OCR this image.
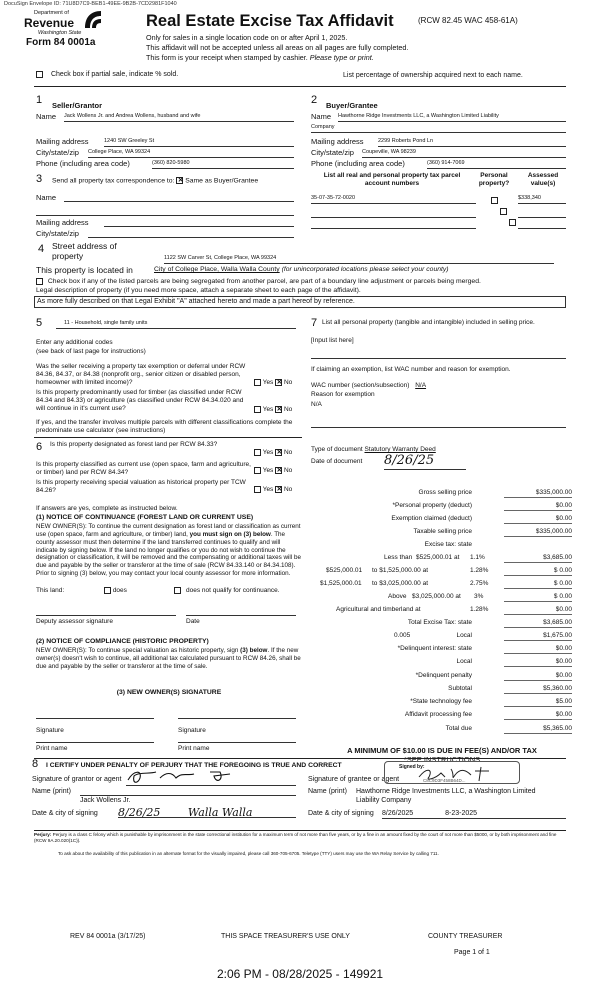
DocuSign Envelope ID: 71U8D7C9-BEB1-49EE-9B2B-7CD2981F1040
Department of
Revenue
Washington State
Form 84 0001a
Real Estate Excise Tax Affidavit	(RCW 82.45 WAC 458-61A)
Only for sales in a single location code on or after April 1, 2025.
This affidavit will not be accepted unless all areas on all pages are fully completed.
This form is your receipt when stamped by cashier. Please type or print.
Check box if partial sale, indicate % sold.	List percentage of ownership acquired next to each name.
1 Seller/Grantor
Name Jack Wollens Jr. and Andrea Wollens, husband and wife
Mailing address	1240 SW Greeley St
City/state/zip College Place, WA 99324
Phone (including area code)	(360) 820-5980
2 Buyer/Grantee
Name Hawthorne Ridge Investments LLC, a Washington Limited Liability
Company
Mailing address	2299 Roberts Pond Ln
City/state/zip Coupeville, WA 98239
Phone (including area code)	(360) 914-7069
3 Send all property tax correspondence to: ✕ Same as Buyer/Grantee
Name
Mailing address
City/state/zip
List all real and personal property tax parcel account numbers
Personal property?
Assessed value(s)
35-07-35-72-0020	$338,340

4 Street address of property	1122 SW Carver St, College Place, WA 99324
This property is located in	City of College Place, Walla Walla County (for unincorporated locations please select your county)
Check box if any of the listed parcels are being segregated from another parcel, are part of a boundary line adjustment or parcels being merged.
Legal description of property (if you need more space, attach a separate sheet to each page of the affidavit).
As more fully described on that Legal Exhibit "A" attached hereto and made a part hereof by reference.
5	11 - Household, single family units
Enter any additional codes
(see back of last page for instructions)
Was the seller receiving a property tax exemption or deferral under RCW 84.36, 84.37, or 84.38 (nonprofit org., senior citizen or disabled person, homeowner with limited income)?	Yes ✕ No
Is this property predominantly used for timber (as classified under RCW 84.34 and 84.33) or agriculture (as classified under RCW 84.34.020 and will continue in it's current use?	Yes ✕ No
If yes, and the transfer involves multiple parcels with different classifications complete the predominate use calculator (see instructions)
6 Is this property designated as forest land per RCW 84.33?
Yes ✕ No
Is this property classified as current use (open space, farm and agriculture, or timber) land per RCW 84.34?	Yes ✕ No
Is this property receiving special valuation as historical property per TCW 84.26?	Yes ✕ No
If answers are yes, complete as instructed below.
(1) NOTICE OF CONTINUANCE (FOREST LAND OR CURRENT USE)
NEW OWNER(S): To continue the current designation as forest land or classification as current use (open space, farm and agriculture, or timber) land, you must sign on (3) below. The county assessor must then determine if the land transferred continues to qualify and will indicate by signing below. If the land no longer qualifies or you do not wish to continue the designation or classification, it will be removed and the compensating or additional taxes will be due and payable by the seller or transferor at the time of sale (RCW 84.33.140 or 84.34.108). Prior to signing (3) below, you may contact your local county assessor for more information.
This land:	does	does not qualify for continuance.
Deputy assessor signature	Date
(2) NOTICE OF COMPLIANCE (HISTORIC PROPERTY)
NEW OWNER(S): To continue special valuation as historic property, sign (3) below. If the new owner(s) doesn't wish to continue, all additional tax calculated pursuant to RCW 84.26, shall be due and payable by the seller or transferor at the time of sale.
(3) NEW OWNER(S) SIGNATURE
Signature	Signature
Print name	Print name
7 List all personal property (tangible and intangible) included in selling price.
[Input list here]
If claiming an exemption, list WAC number and reason for exemption.
WAC number (section/subsection) N/A
Reason for exemption
N/A
Type of document Statutory Warranty Deed
Date of document 8/26/25
Gross selling price	$335,000.00
*Personal property (deduct)	$0.00
Exemption claimed (deduct)	$0.00
Taxable selling price	$335,000.00
Excise tax: state
Less than $525,000.01 at 1.1%	$3,685.00
$525,000.01 to $1,525,000.00 at	1.28%	$ 0.00
$1,525,000.01 to $3,025,000.00 at	2.75%	$ 0.00
Above $3,025,000.00 at 3%	$ 0.00
Agricultural and timberland at	1.28%	$0.00
Total Excise Tax: state	$3,685.00
0.005	Local	$1,675.00
*Delinquent interest: state	$0.00
Local	$0.00
*Delinquent penalty	$0.00
Subtotal	$5,360.00
*State technology fee	$5.00
Affidavit processing fee	$0.00
Total due	$5,365.00
A MINIMUM OF $10.00 IS DUE IN FEE(S) AND/OR TAX
*SEE INSTRUCTIONS
8 I CERTIFY UNDER PENALTY OF PERJURY THAT THE FOREGOING IS TRUE AND CORRECT
Signature of grantor or agent
Name (print)
Jack Wollens Jr.
Date & city of signing 8/26/25	Walla Walla
Signature of grantee or agent
Signed by:
C8C9D3F458B64D...
Name (print) Hawthorne Ridge Investments LLC, a Washington Limited
Liability Company
Date & city of signing 8/26/2025	8-23-2025
Perjury: Perjury is a class C felony which is punishable by imprisonment in the state correctional institution for a maximum term of not more than five years, or by a fine in an amount fixed by the court of not more than $5000, or by both imprisonment and fine (RCW 9A.20.020(1C)).
To ask about the availability of this publication in an alternate format for the visually impaired, please call 360-705-6705. Teletype (TTY) users may use the WA Relay Service by calling 711.
REV 84 0001a (3/17/25)	THIS SPACE TREASURER'S USE ONLY	COUNTY TREASURER
Page 1 of 1
2:06 PM - 08/28/2025 - 149921
